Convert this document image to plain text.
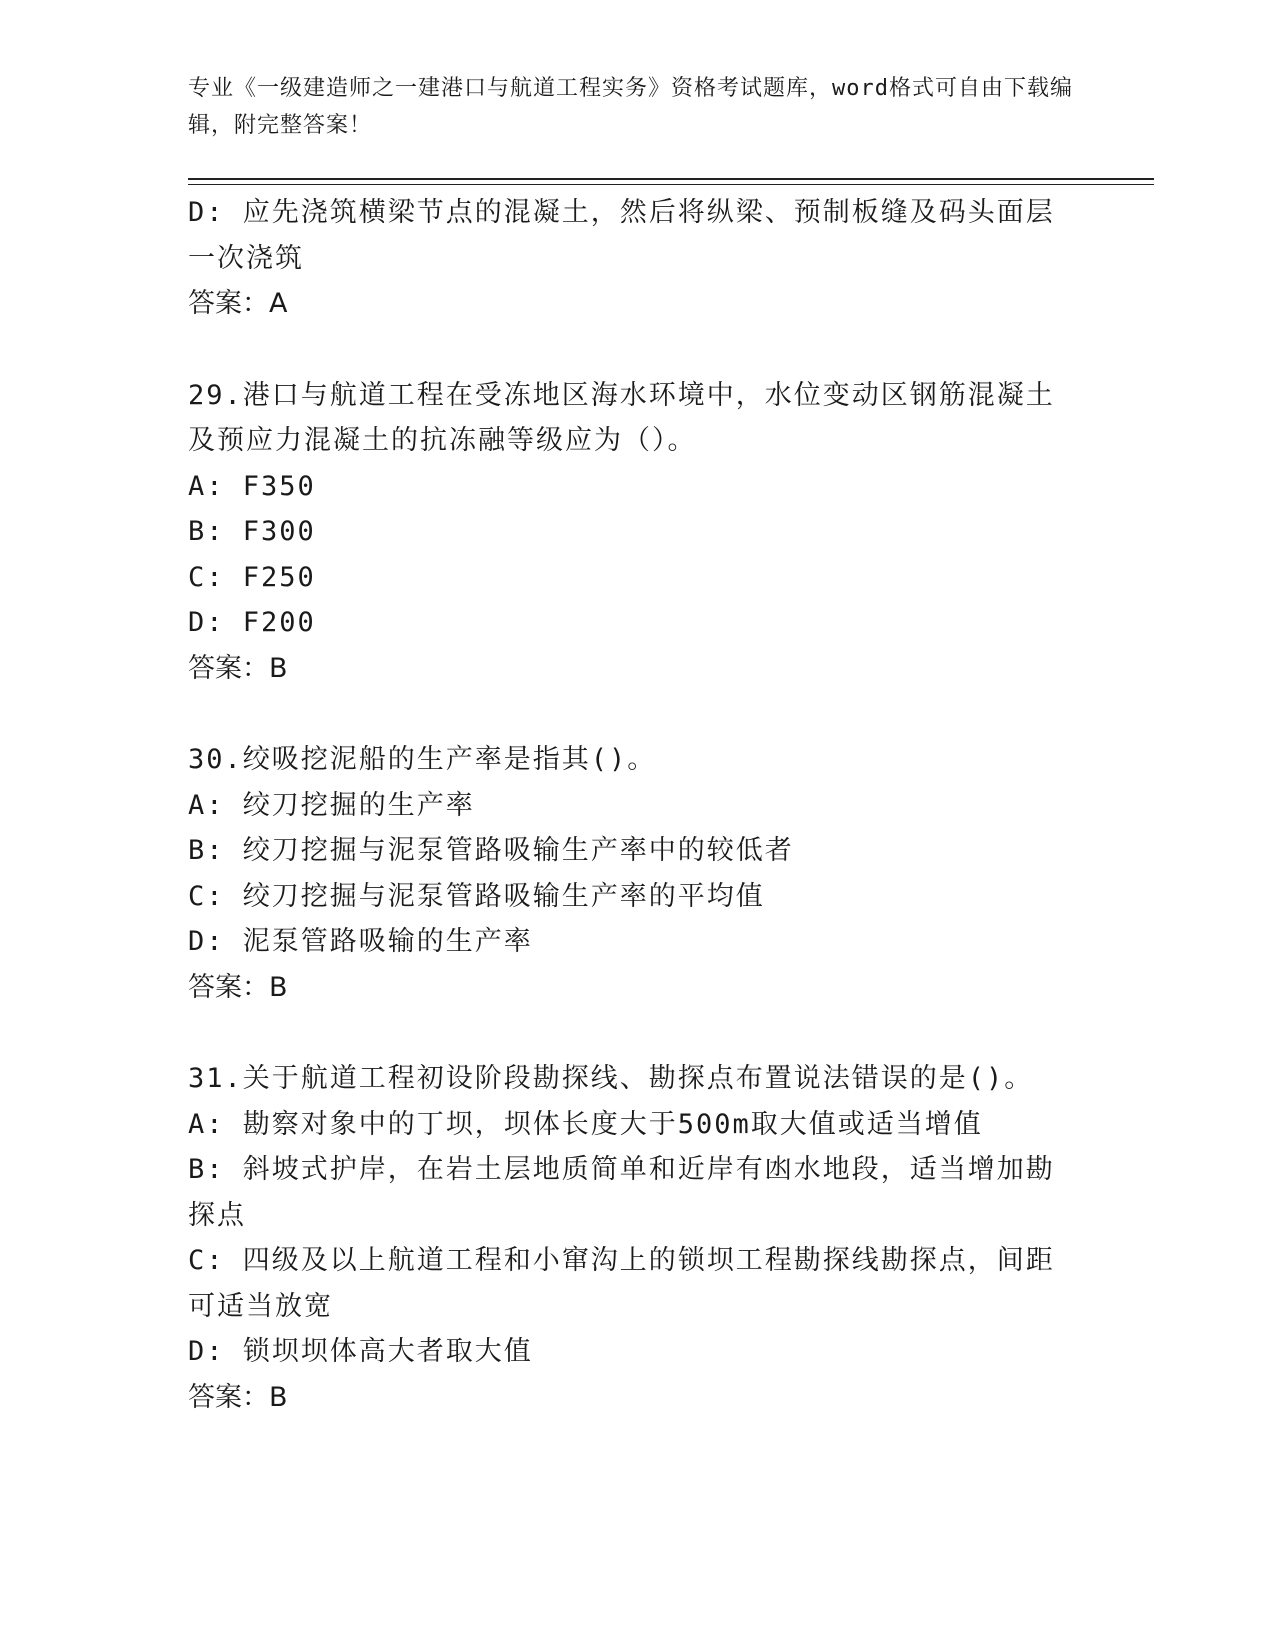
专业《一级建造师之一建港口与航道工程实务》资格考试题库，word格式可自由下载编辑，附完整答案！
D: 应先浇筑横梁节点的混凝土，然后将纵梁、预制板缝及码头面层一次浇筑
答案：A
29.港口与航道工程在受冻地区海水环境中，水位变动区钢筋混凝土及预应力混凝土的抗冻融等级应为（）。
A: F350
B: F300
C: F250
D: F200
答案：B
30.绞吸挖泥船的生产率是指其()。
A: 绞刀挖掘的生产率
B: 绞刀挖掘与泥泵管路吸输生产率中的较低者
C: 绞刀挖掘与泥泵管路吸输生产率的平均值
D: 泥泵管路吸输的生产率
答案：B
31.关于航道工程初设阶段勘探线、勘探点布置说法错误的是()。
A: 勘察对象中的丁坝，坝体长度大于500m取大值或适当增值
B: 斜坡式护岸，在岩土层地质简单和近岸有凼水地段，适当增加勘探点
C: 四级及以上航道工程和小窜沟上的锁坝工程勘探线勘探点，间距可适当放宽
D: 锁坝坝体高大者取大值
答案：B
